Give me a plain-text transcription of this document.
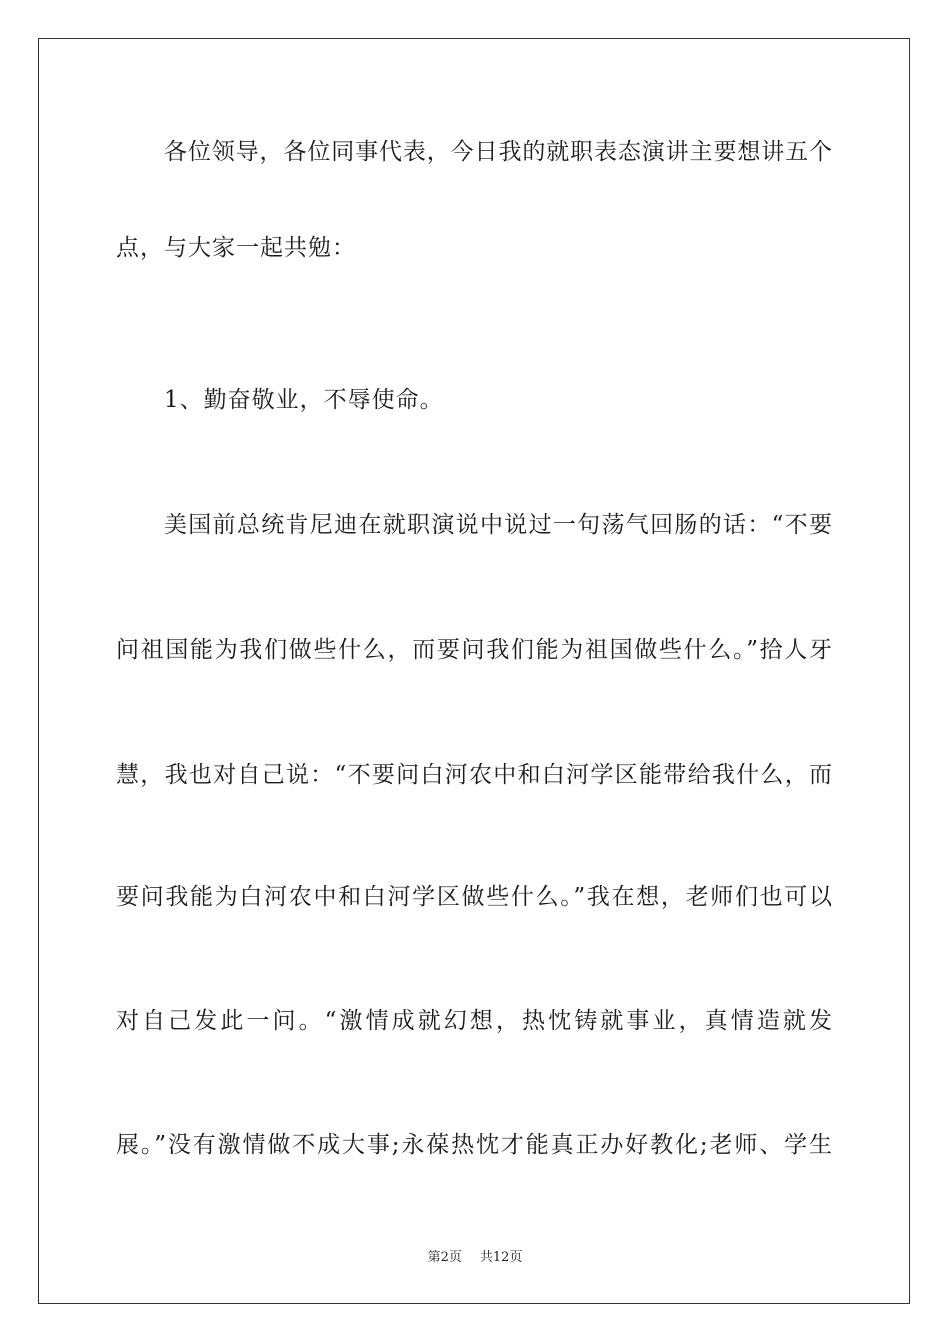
各位领导，各位同事代表，今日我的就职表态演讲主要想讲五个
点，与大家一起共勉：
1、勤奋敬业，不辱使命。
美国前总统肯尼迪在就职演说中说过一句荡气回肠的话：“不要
问祖国能为我们做些什么，而要问我们能为祖国做些什么。”拾人牙
慧，我也对自己说：“不要问白河农中和白河学区能带给我什么，而
要问我能为白河农中和白河学区做些什么。”我在想，老师们也可以
对自己发此一问。“激情成就幻想，热忱铸就事业，真情造就发
展。”没有激情做不成大事;永葆热忱才能真正办好教化;老师、学生
第2页 共12页
